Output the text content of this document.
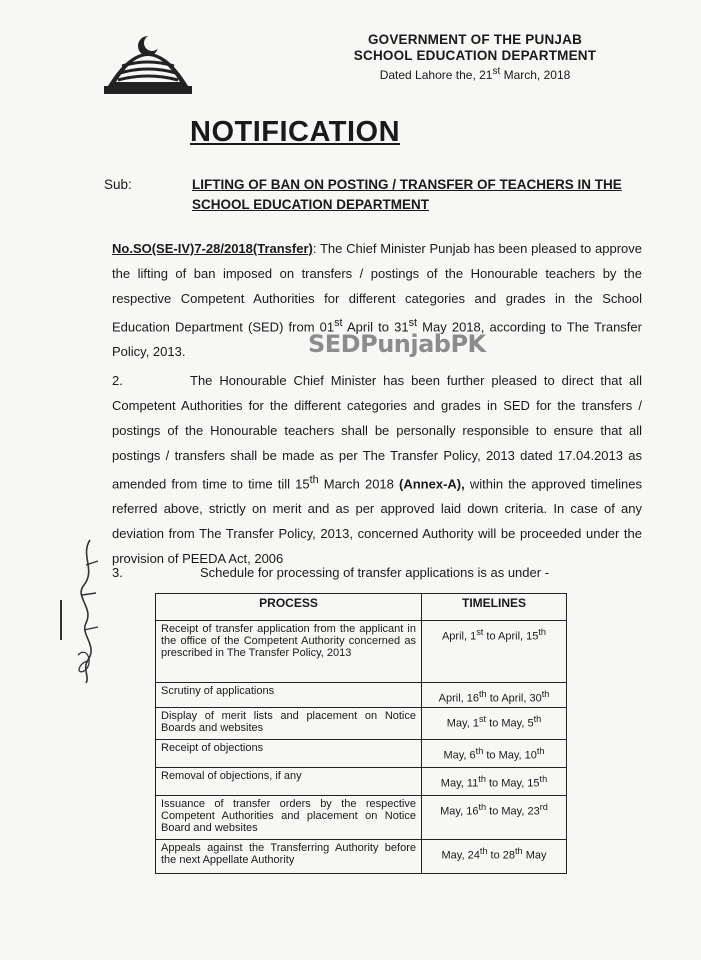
GOVERNMENT OF THE PUNJAB
SCHOOL EDUCATION DEPARTMENT
Dated Lahore the, 21st March, 2018
NOTIFICATION
Sub:	LIFTING OF BAN ON POSTING / TRANSFER OF TEACHERS IN THE SCHOOL EDUCATION DEPARTMENT
No.SO(SE-IV)7-28/2018(Transfer): The Chief Minister Punjab has been pleased to approve the lifting of ban imposed on transfers / postings of the Honourable teachers by the respective Competent Authorities for different categories and grades in the School Education Department (SED) from 01st April to 31st May 2018, according to The Transfer Policy, 2013.	SEDPunjabPK
2.	The Honourable Chief Minister has been further pleased to direct that all Competent Authorities for the different categories and grades in SED for the transfers / postings of the Honourable teachers shall be personally responsible to ensure that all postings / transfers shall be made as per The Transfer Policy, 2013 dated 17.04.2013 as amended from time to time till 15th March 2018 (Annex-A), within the approved timelines referred above, strictly on merit and as per approved laid down criteria. In case of any deviation from The Transfer Policy, 2013, concerned Authority will be proceeded under the provision of PEEDA Act, 2006
3.	Schedule for processing of transfer applications is as under -
PROCESS	TIMELINES
Receipt of transfer application from the applicant in the office of the Competent Authority concerned as prescribed in The Transfer Policy, 2013	April, 1st to April, 15th
Scrutiny of applications	April, 16th to April, 30th
Display of merit lists and placement on Notice Boards and websites	May, 1st to May, 5th
Receipt of objections	May, 6th to May, 10th
Removal of objections, if any	May, 11th to May, 15th
Issuance of transfer orders by the respective Competent Authorities and placement on Notice Board and websites	May, 16th to May, 23rd
Appeals against the Transferring Authority before the next Appellate Authority	May, 24th to 28th May
